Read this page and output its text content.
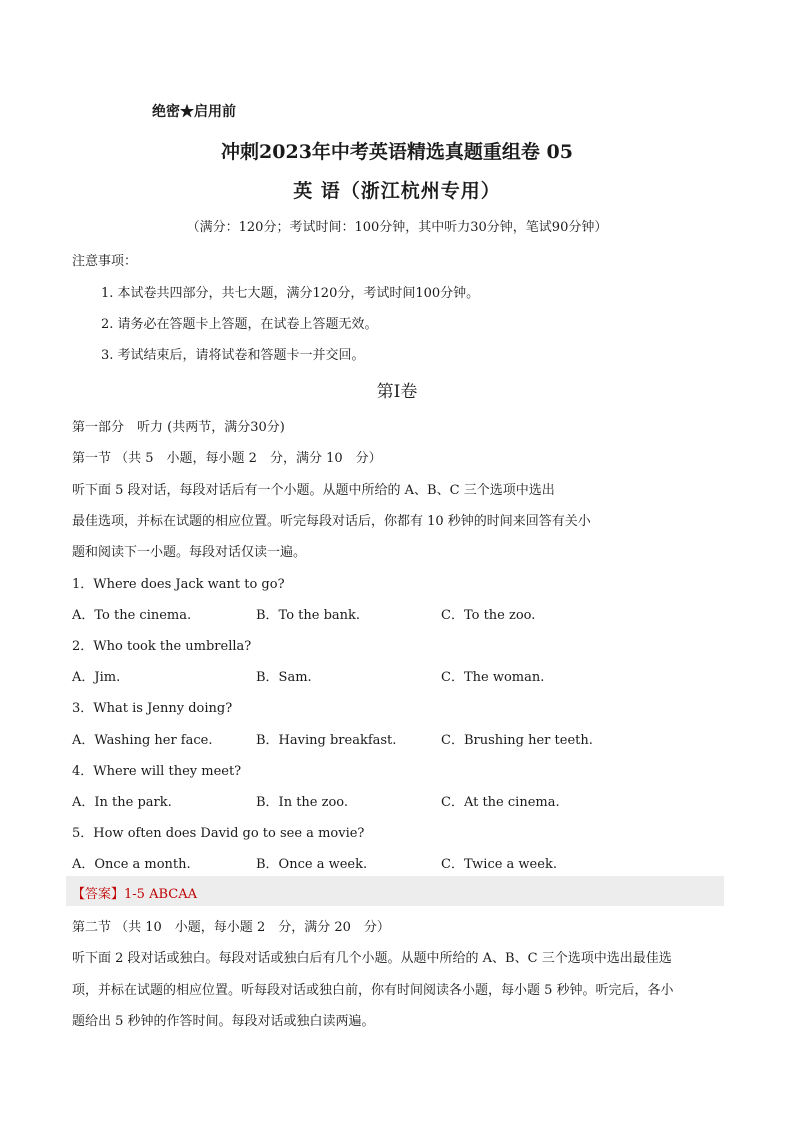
绝密★启用前
冲刺2023年中考英语精选真题重组卷 05
英 语（浙江杭州专用）
（满分：120分；考试时间：100分钟，其中听力30分钟，笔试90分钟）
注意事项：
1. 本试卷共四部分，共七大题，满分120分，考试时间100分钟。
2. 请务必在答题卡上答题，在试卷上答题无效。
3. 考试结束后，请将试卷和答题卡一并交回。
第I卷
第一部分　听力 (共两节，满分30分)
第一节 （共 5　小题，每小题 2　分，满分 10　分）
听下面 5 段对话，每段对话后有一个小题。从题中所给的 A、B、C 三个选项中选出
最佳选项，并标在试题的相应位置。听完每段对话后，你都有 10 秒钟的时间来回答有关小
题和阅读下一小题。每段对话仅读一遍。
1．Where does Jack want to go?
A．To the cinema.	B．To the bank.	C．To the zoo.
2．Who took the umbrella?
A．Jim.	B．Sam.	C．The woman.
3．What is Jenny doing?
A．Washing her face.	B．Having breakfast.	C．Brushing her teeth.
4．Where will they meet?
A．In the park.	B．In the zoo.	C．At the cinema.
5．How often does David go to see a movie?
A．Once a month.	B．Once a week.	C．Twice a week.
【答案】1-5 ABCAA
第二节 （共 10　小题，每小题 2　分，满分 20　分）
听下面 2 段对话或独白。每段对话或独白后有几个小题。从题中所给的 A、B、C 三个选项中选出最佳选
项，并标在试题的相应位置。听每段对话或独白前，你有时间阅读各小题，每小题 5 秒钟。听完后，各小
题给出 5 秒钟的作答时间。每段对话或独白读两遍。
